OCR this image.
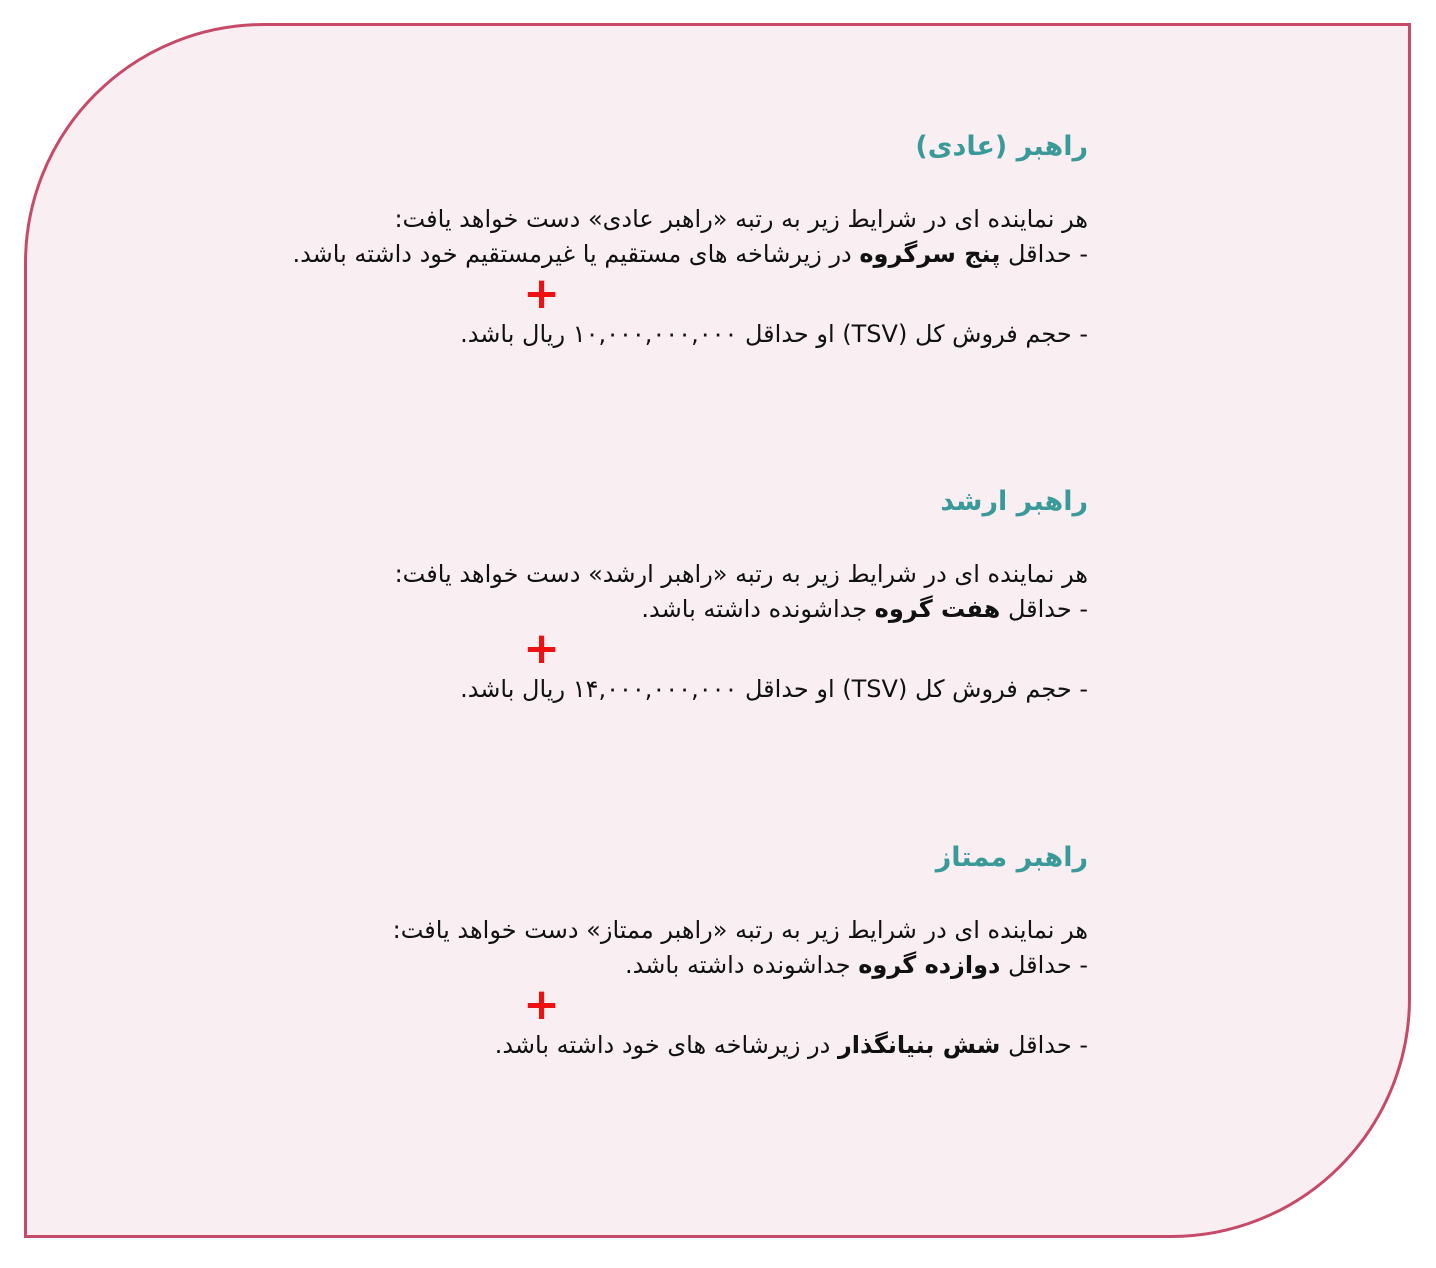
راهبر (عادی)
هر نماینده ای در شرایط زیر به رتبه «راهبر عادی» دست خواهد یافت:
- حداقل پنج سرگروه در زیرشاخه های مستقیم یا غیرمستقیم خود داشته باشد.
+
- حجم فروش کل (TSV) او حداقل ۱۰,۰۰۰,۰۰۰,۰۰۰ ریال باشد.
راهبر ارشد
هر نماینده ای در شرایط زیر به رتبه «راهبر ارشد» دست خواهد یافت:
- حداقل هفت گروه جداشونده داشته باشد.
+
- حجم فروش کل (TSV) او حداقل ۱۴,۰۰۰,۰۰۰,۰۰۰ ریال باشد.
راهبر ممتاز
هر نماینده ای در شرایط زیر به رتبه «راهبر ممتاز» دست خواهد یافت:
- حداقل دوازده گروه جداشونده داشته باشد.
+
- حداقل شش بنیانگذار در زیرشاخه های خود داشته باشد.
